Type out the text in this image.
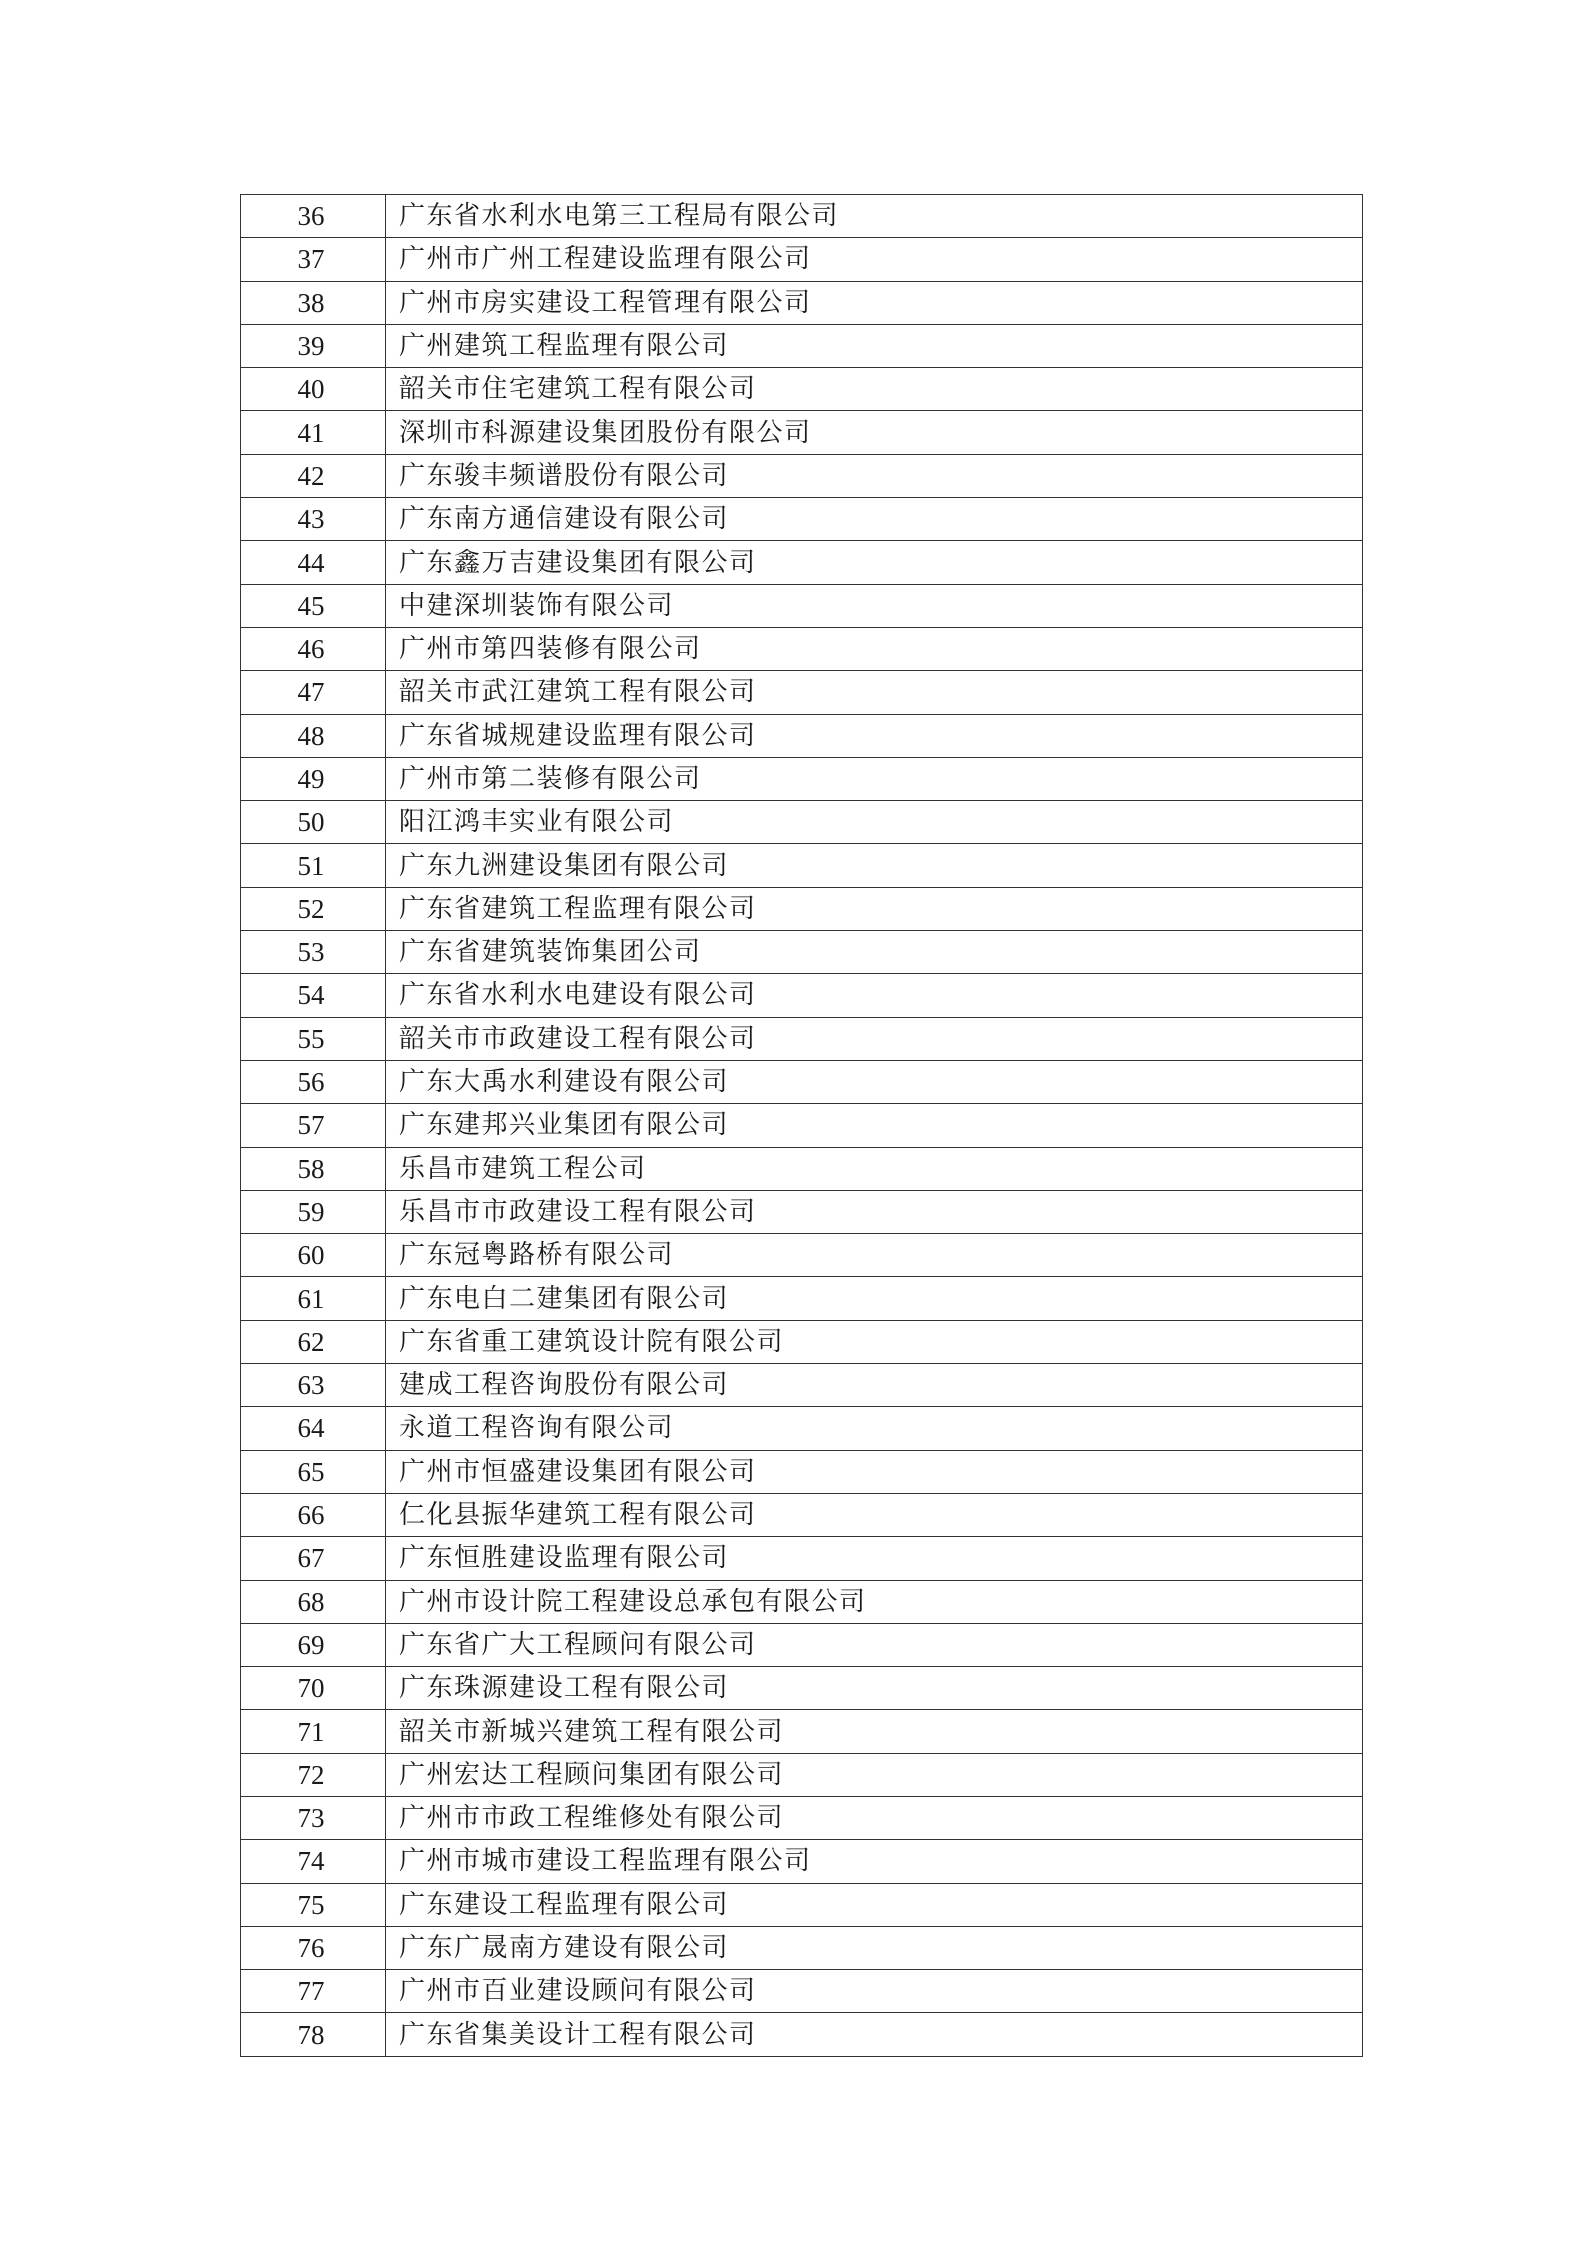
36	广东省水利水电第三工程局有限公司
37	广州市广州工程建设监理有限公司
38	广州市房实建设工程管理有限公司
39	广州建筑工程监理有限公司
40	韶关市住宅建筑工程有限公司
41	深圳市科源建设集团股份有限公司
42	广东骏丰频谱股份有限公司
43	广东南方通信建设有限公司
44	广东鑫万吉建设集团有限公司
45	中建深圳装饰有限公司
46	广州市第四装修有限公司
47	韶关市武江建筑工程有限公司
48	广东省城规建设监理有限公司
49	广州市第二装修有限公司
50	阳江鸿丰实业有限公司
51	广东九洲建设集团有限公司
52	广东省建筑工程监理有限公司
53	广东省建筑装饰集团公司
54	广东省水利水电建设有限公司
55	韶关市市政建设工程有限公司
56	广东大禹水利建设有限公司
57	广东建邦兴业集团有限公司
58	乐昌市建筑工程公司
59	乐昌市市政建设工程有限公司
60	广东冠粤路桥有限公司
61	广东电白二建集团有限公司
62	广东省重工建筑设计院有限公司
63	建成工程咨询股份有限公司
64	永道工程咨询有限公司
65	广州市恒盛建设集团有限公司
66	仁化县振华建筑工程有限公司
67	广东恒胜建设监理有限公司
68	广州市设计院工程建设总承包有限公司
69	广东省广大工程顾问有限公司
70	广东珠源建设工程有限公司
71	韶关市新城兴建筑工程有限公司
72	广州宏达工程顾问集团有限公司
73	广州市市政工程维修处有限公司
74	广州市城市建设工程监理有限公司
75	广东建设工程监理有限公司
76	广东广晟南方建设有限公司
77	广州市百业建设顾问有限公司
78	广东省集美设计工程有限公司
